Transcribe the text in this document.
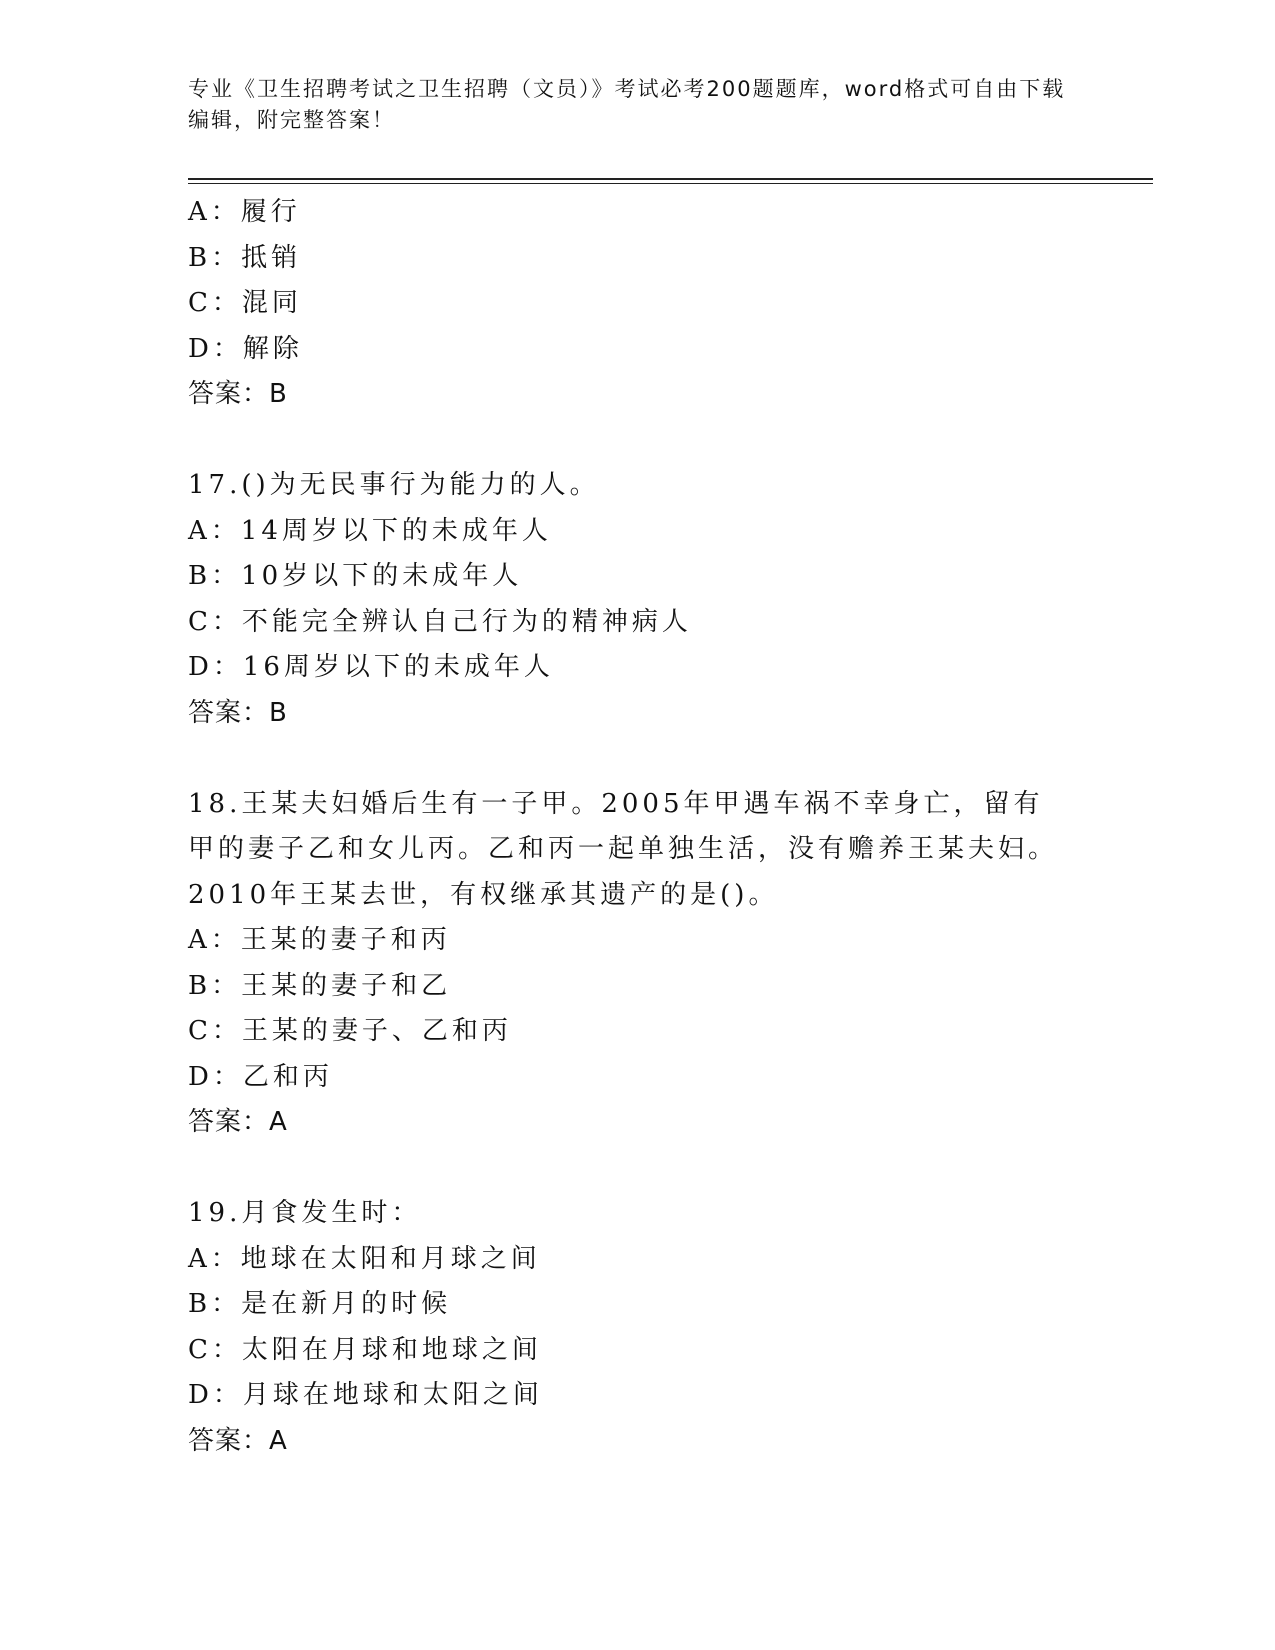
专业《卫生招聘考试之卫生招聘（文员）》考试必考200题题库，word格式可自由下载编辑，附完整答案！
A：履行
B：抵销
C：混同
D：解除
答案：B
17.()为无民事行为能力的人。
A：14周岁以下的未成年人
B：10岁以下的未成年人
C：不能完全辨认自己行为的精神病人
D：16周岁以下的未成年人
答案：B
18.王某夫妇婚后生有一子甲。2005年甲遇车祸不幸身亡，留有甲的妻子乙和女儿丙。乙和丙一起单独生活，没有赡养王某夫妇。2010年王某去世，有权继承其遗产的是()。
A：王某的妻子和丙
B：王某的妻子和乙
C：王某的妻子、乙和丙
D：乙和丙
答案：A
19.月食发生时：
A：地球在太阳和月球之间
B：是在新月的时候
C：太阳在月球和地球之间
D：月球在地球和太阳之间
答案：A
